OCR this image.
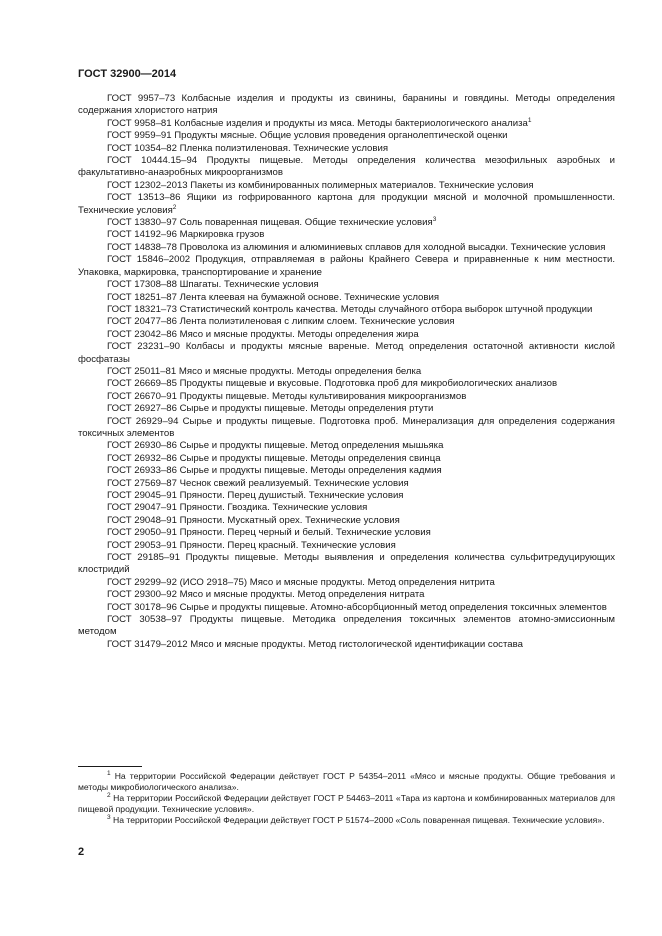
ГОСТ 32900—2014

ГОСТ 9957–73 Колбасные изделия и продукты из свинины, баранины и говядины. Методы определения содержания хлористого натрия

ГОСТ 9958–81 Колбасные изделия и продукты из мяса. Методы бактериологического анализа$^1$

ГОСТ 9959–91 Продукты мясные. Общие условия проведения органолептической оценки

ГОСТ 10354–82 Пленка полиэтиленовая. Технические условия

ГОСТ 10444.15–94 Продукты пищевые. Методы определения количества мезофильных аэробных и факультативно-анаэробных микроорганизмов

ГОСТ 12302–2013 Пакеты из комбинированных полимерных материалов. Технические условия

ГОСТ 13513–86 Ящики из гофрированного картона для продукции мясной и молочной промышленности. Технические условия$^2$

ГОСТ 13830–97 Соль поваренная пищевая. Общие технические условия$^3$

ГОСТ 14192–96 Маркировка грузов

ГОСТ 14838–78 Проволока из алюминия и алюминиевых сплавов для холодной высадки. Технические условия

ГОСТ 15846–2002 Продукция, отправляемая в районы Крайнего Севера и приравненные к ним местности. Упаковка, маркировка, транспортирование и хранение

ГОСТ 17308–88 Шпагаты. Технические условия

ГОСТ 18251–87 Лента клеевая на бумажной основе. Технические условия

ГОСТ 18321–73 Статистический контроль качества. Методы случайного отбора выборок штучной продукции

ГОСТ 20477–86 Лента полиэтиленовая с липким слоем. Технические условия

ГОСТ 23042–86 Мясо и мясные продукты. Методы определения жира

ГОСТ 23231–90 Колбасы и продукты мясные вареные. Метод определения остаточной активности кислой фосфатазы

ГОСТ 25011–81 Мясо и мясные продукты. Методы определения белка

ГОСТ 26669–85 Продукты пищевые и вкусовые. Подготовка проб для микробиологических анализов

ГОСТ 26670–91 Продукты пищевые. Методы культивирования микроорганизмов

ГОСТ 26927–86 Сырье и продукты пищевые. Методы определения ртути

ГОСТ 26929–94 Сырье и продукты пищевые. Подготовка проб. Минерализация для определения содержания токсичных элементов

ГОСТ 26930–86 Сырье и продукты пищевые. Метод определения мышьяка

ГОСТ 26932–86 Сырье и продукты пищевые. Методы определения свинца

ГОСТ 26933–86 Сырье и продукты пищевые. Методы определения кадмия

ГОСТ 27569–87 Чеснок свежий реализуемый. Технические условия

ГОСТ 29045–91 Пряности. Перец душистый. Технические условия

ГОСТ 29047–91 Пряности. Гвоздика. Технические условия

ГОСТ 29048–91 Пряности. Мускатный орех. Технические условия

ГОСТ 29050–91 Пряности. Перец черный и белый. Технические условия

ГОСТ 29053–91 Пряности. Перец красный. Технические условия

ГОСТ 29185–91 Продукты пищевые. Методы выявления и определения количества сульфитредуцирующих клостридий

ГОСТ 29299–92 (ИСО 2918–75) Мясо и мясные продукты. Метод определения нитрита

ГОСТ 29300–92 Мясо и мясные продукты. Метод определения нитрата

ГОСТ 30178–96 Сырье и продукты пищевые. Атомно-абсорбционный метод определения токсичных элементов

ГОСТ 30538–97 Продукты пищевые. Методика определения токсичных элементов атомно-эмиссионным методом

ГОСТ 31479–2012 Мясо и мясные продукты. Метод гистологической идентификации состава

$^1$ На территории Российской Федерации действует ГОСТ Р 54354–2011 «Мясо и мясные продукты. Общие требования и методы микробиологического анализа».

$^2$ На территории Российской Федерации действует ГОСТ Р 54463–2011 «Тара из картона и комбинированных материалов для пищевой продукции. Технические условия».

$^3$ На территории Российской Федерации действует ГОСТ Р 51574–2000 «Соль поваренная пищевая. Технические условия».

2
